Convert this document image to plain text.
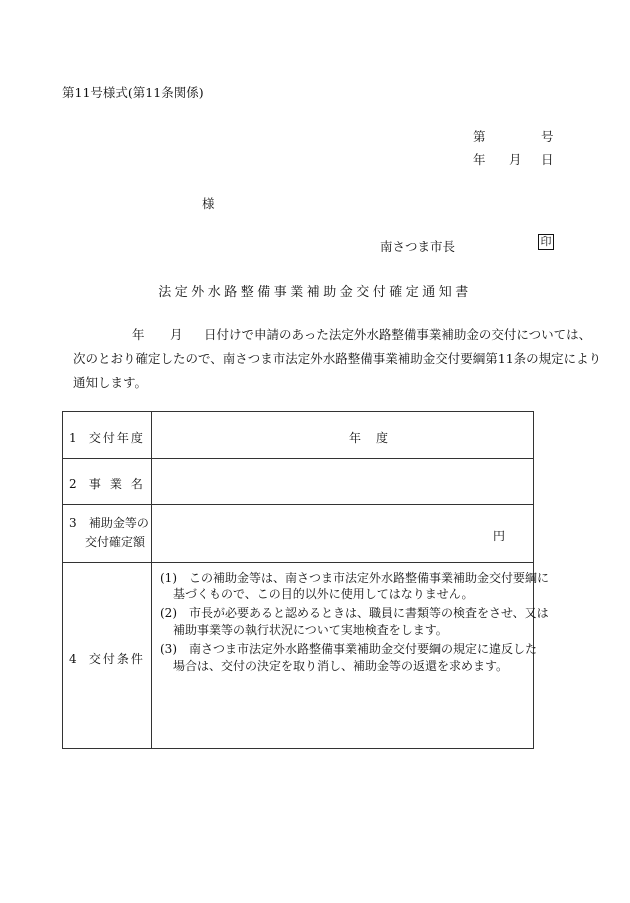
第11号様式(第11条関係)
第	号
年 月 日
様
南さつま市長	印
法定外水路整備事業補助金交付確定通知書
年 月 日付けで申請のあった法定外水路整備事業補助金の交付については、
次のとおり確定したので、南さつま市法定外水路整備事業補助金交付要綱第11条の規定により
通知します。
1 交付年度	年 度
2 事業名
3 補助金等の
交付確定額	円
4 交付条件
(1)　この補助金等は、南さつま市法定外水路整備事業補助金交付要綱に
基づくもので、この目的以外に使用してはなりません。
(2)　市長が必要あると認めるときは、職員に書類等の検査をさせ、又は
補助事業等の執行状況について実地検査をします。
(3)　南さつま市法定外水路整備事業補助金交付要綱の規定に違反した
場合は、交付の決定を取り消し、補助金等の返還を求めます。
